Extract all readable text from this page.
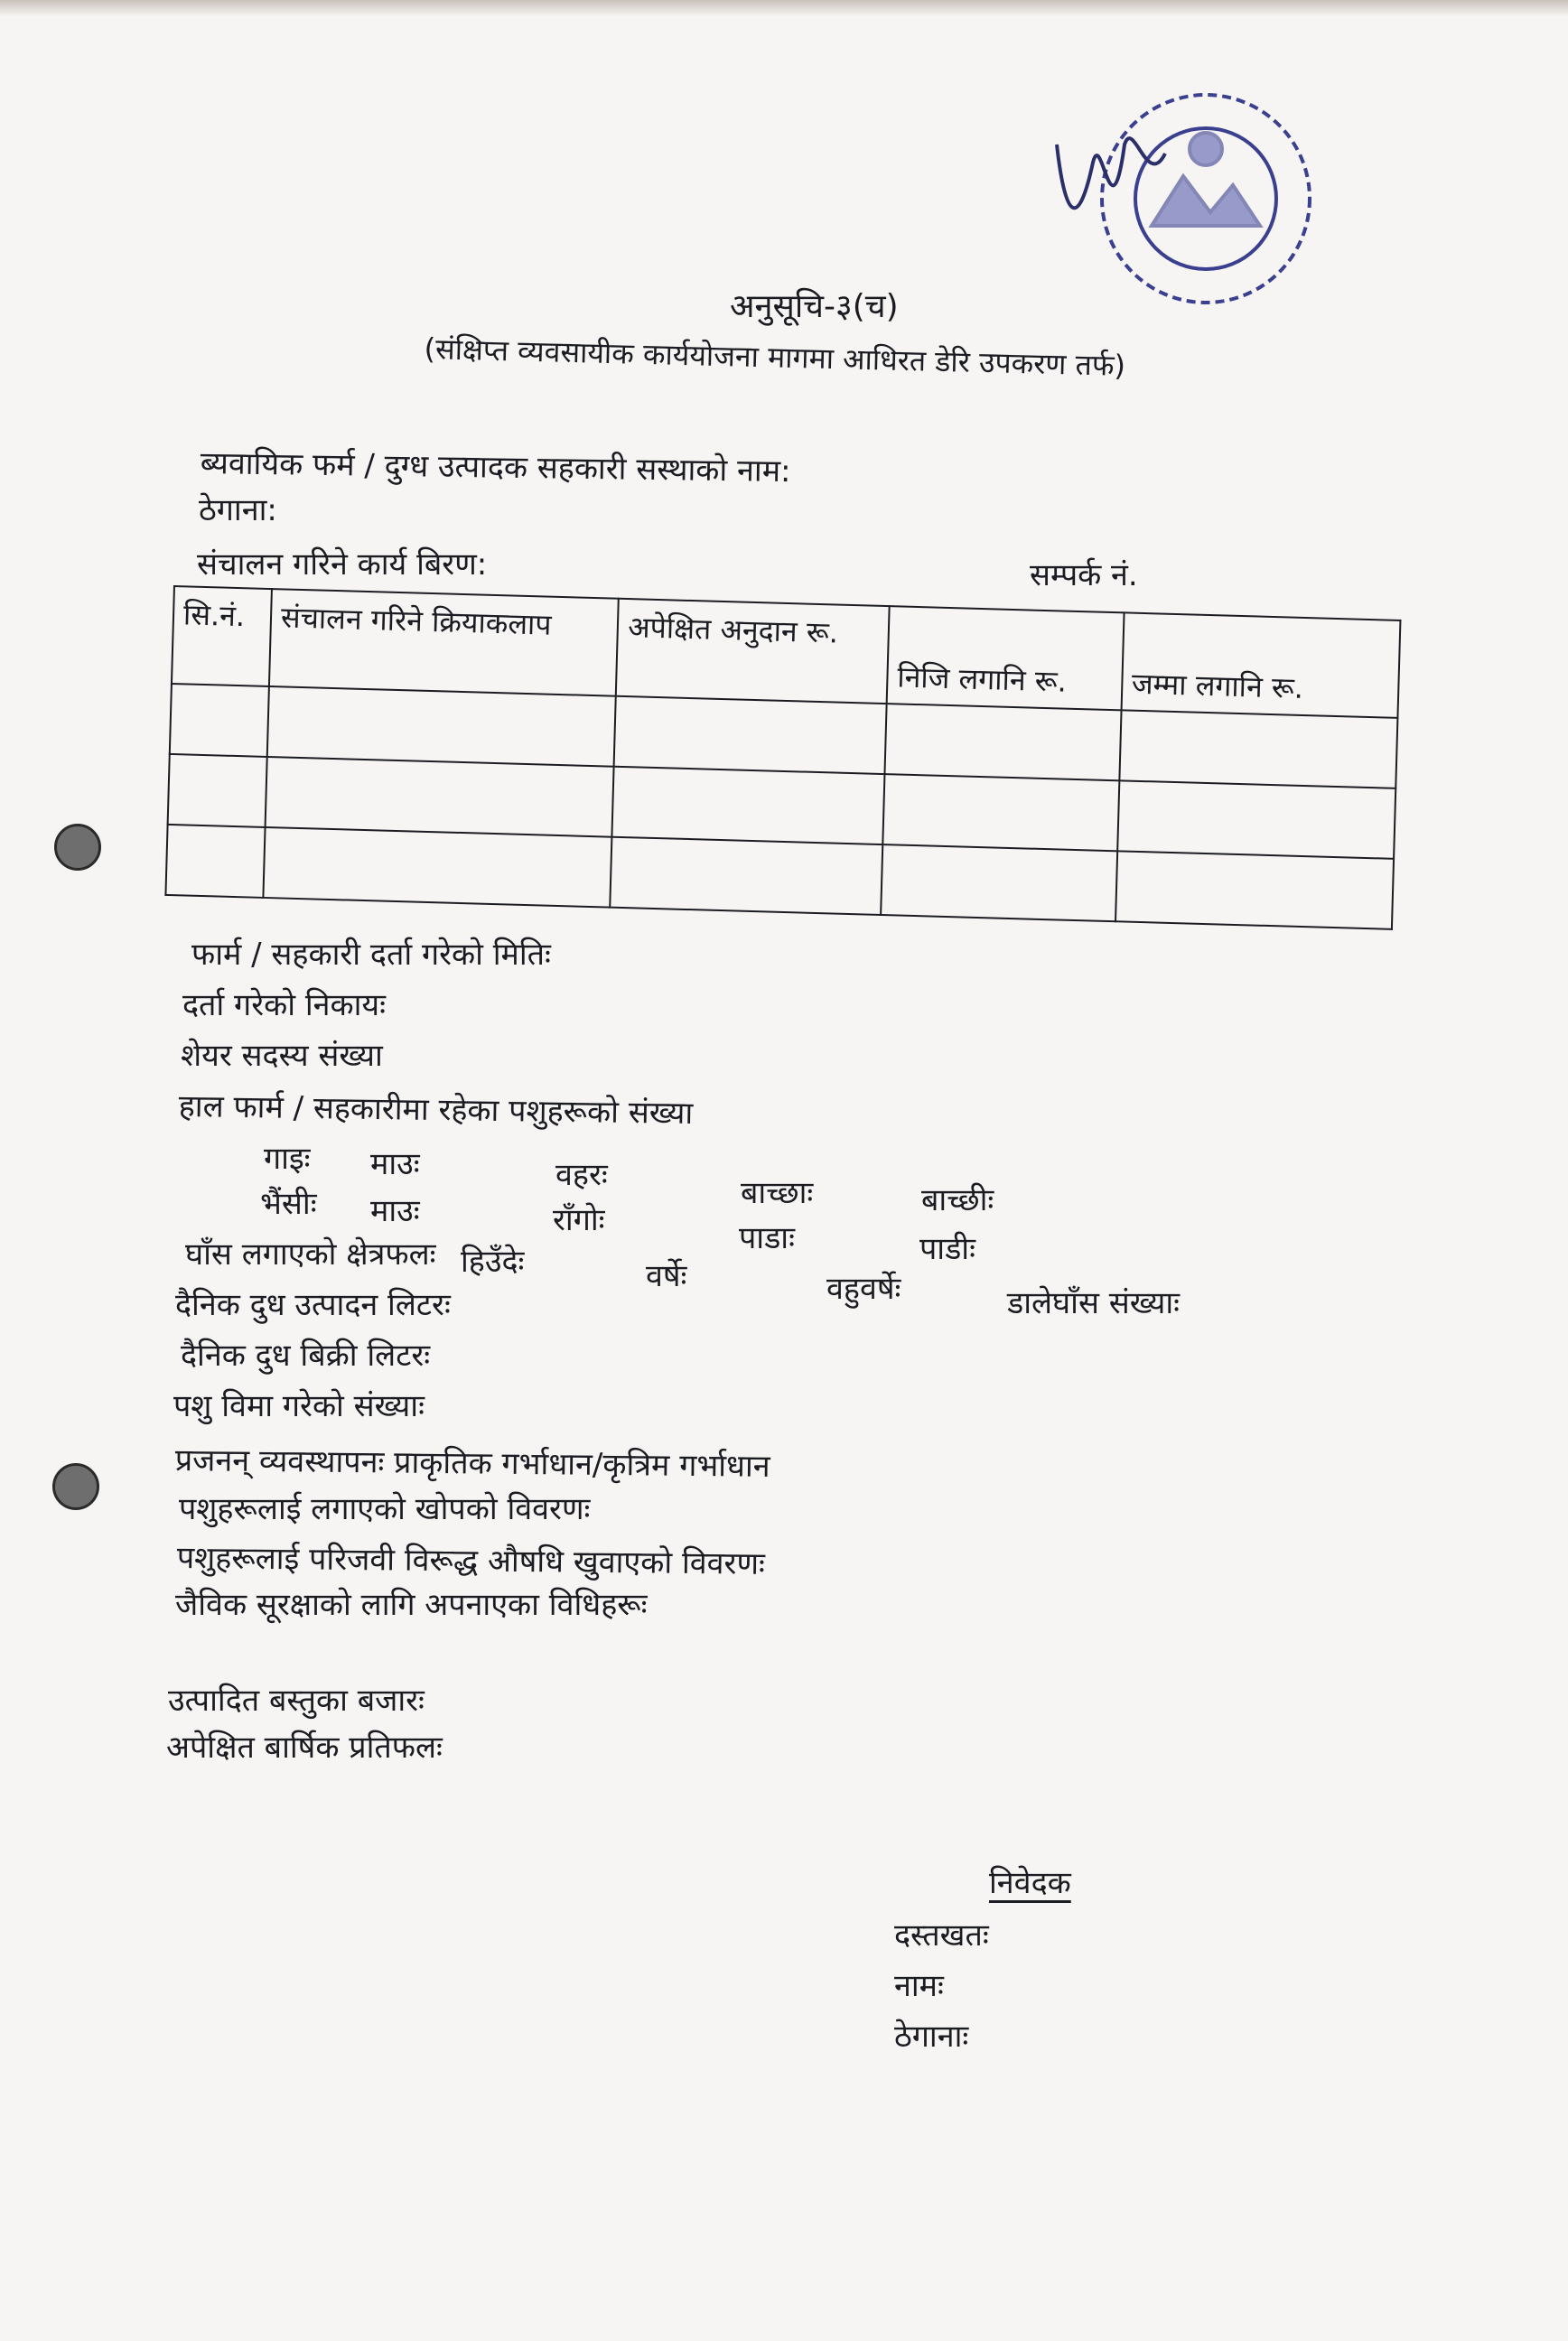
अनुसूचि-३(च)
(संक्षिप्त व्यवसायीक कार्ययोजना मागमा आधिरत डेरि उपकरण तर्फ)
ब्यवायिक फर्म / दुग्ध उत्पादक सहकारी सस्थाको नाम:
ठेगाना:
संचालन गरिने कार्य बिरण:	सम्पर्क नं.
सि.नं.	संचालन गरिने क्रियाकलाप	अपेक्षित अनुदान रू.	निजि लगानि रू.	जम्मा लगानि रू.

फार्म / सहकारी दर्ता गरेको मितिः
दर्ता गरेको निकायः
शेयर सदस्य संख्या
हाल फार्म / सहकारीमा रहेका पशुहरूको संख्या
गाइः माउः	वहरः	बाच्छाः	बाच्छीः
भैंसीः माउः	राँगोः	पाडाः	पाडीः
घाँस लगाएको क्षेत्रफलः हिउँदेः	वर्षेः	वहुवर्षेः	डालेघाँस संख्याः
दैनिक दुध उत्पादन लिटरः
दैनिक दुध बिक्री लिटरः
पशु विमा गरेको संख्याः
प्रजनन् व्यवस्थापनः प्राकृतिक गर्भाधान/कृत्रिम गर्भाधान
पशुहरूलाई लगाएको खोपको विवरणः
पशुहरूलाई परिजवी विरूद्ध औषधि खुवाएको विवरणः
जैविक सूरक्षाको लागि अपनाएका विधिहरूः
उत्पादित बस्तुका बजारः
अपेक्षित बार्षिक प्रतिफलः
निवेदक
दस्तखतः
नामः
ठेगानाः
